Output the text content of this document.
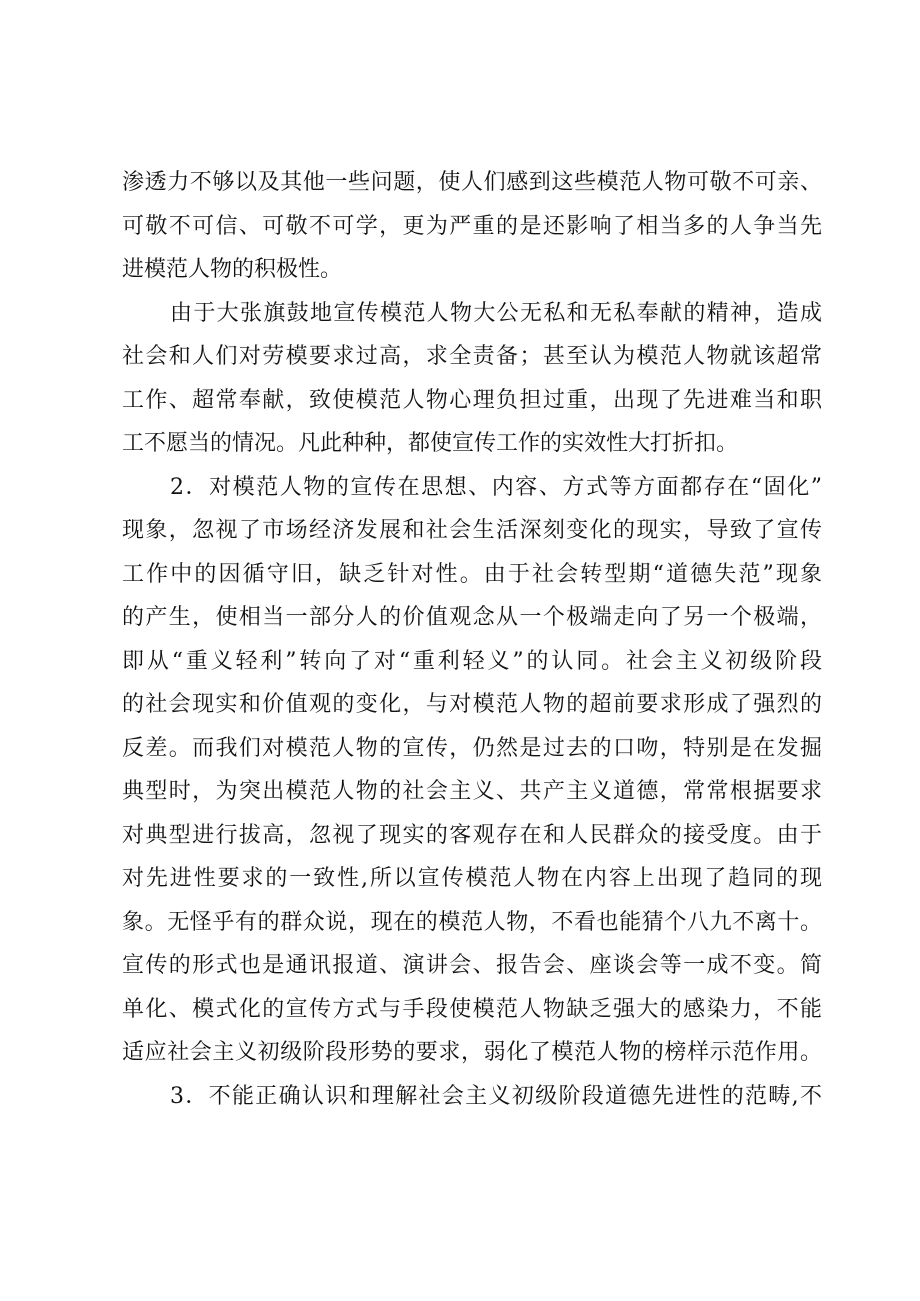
渗透力不够以及其他一些问题，使人们感到这些模范人物可敬不可亲、
可敬不可信、可敬不可学，更为严重的是还影响了相当多的人争当先
进模范人物的积极性。
由于大张旗鼓地宣传模范人物大公无私和无私奉献的精神，造成
社会和人们对劳模要求过高，求全责备；甚至认为模范人物就该超常
工作、超常奉献，致使模范人物心理负担过重，出现了先进难当和职
工不愿当的情况。凡此种种，都使宣传工作的实效性大打折扣。
2．对模范人物的宣传在思想、内容、方式等方面都存在“固化”
现象，忽视了市场经济发展和社会生活深刻变化的现实，导致了宣传
工作中的因循守旧，缺乏针对性。由于社会转型期“道德失范”现象
的产生，使相当一部分人的价值观念从一个极端走向了另一个极端，
即从“重义轻利”转向了对“重利轻义”的认同。社会主义初级阶段
的社会现实和价值观的变化，与对模范人物的超前要求形成了强烈的
反差。而我们对模范人物的宣传，仍然是过去的口吻，特别是在发掘
典型时，为突出模范人物的社会主义、共产主义道德，常常根据要求
对典型进行拔高，忽视了现实的客观存在和人民群众的接受度。由于
对先进性要求的一致性,所以宣传模范人物在内容上出现了趋同的现
象。无怪乎有的群众说，现在的模范人物，不看也能猜个八九不离十。
宣传的形式也是通讯报道、演讲会、报告会、座谈会等一成不变。简
单化、模式化的宣传方式与手段使模范人物缺乏强大的感染力，不能
适应社会主义初级阶段形势的要求，弱化了模范人物的榜样示范作用。
3．不能正确认识和理解社会主义初级阶段道德先进性的范畴,不
